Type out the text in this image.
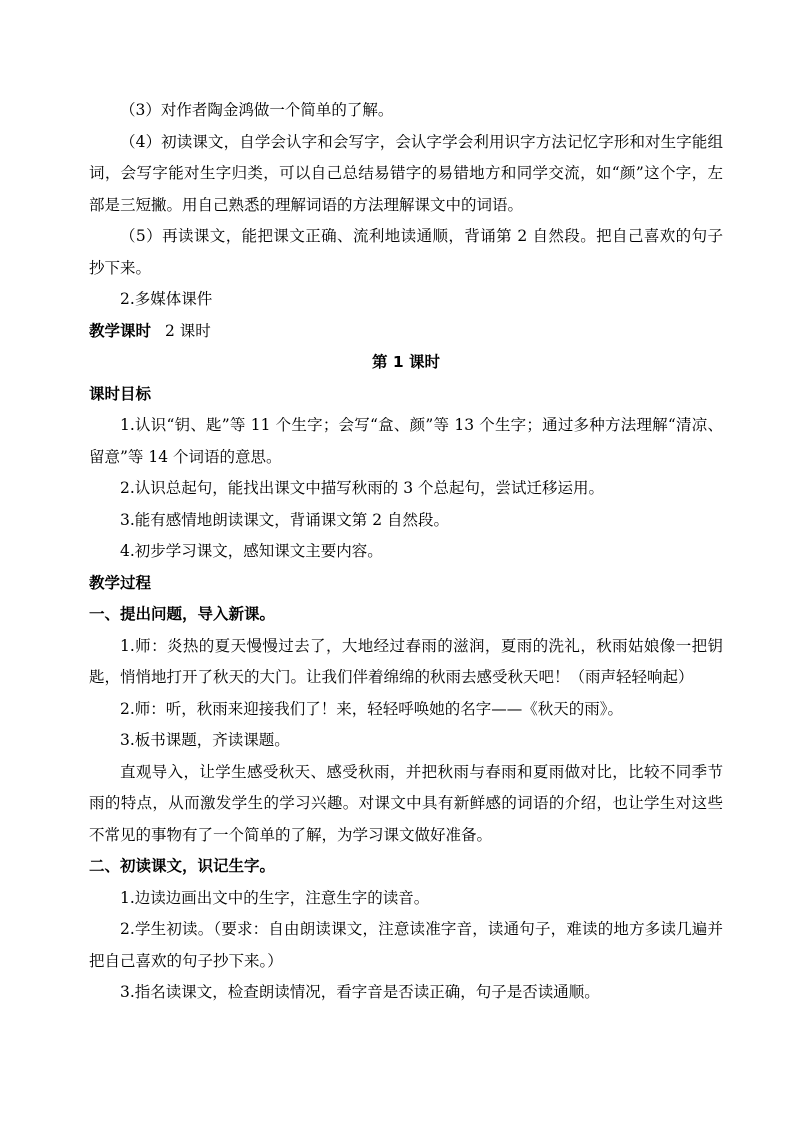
（3）对作者陶金鸿做一个简单的了解。

（4）初读课文，自学会认字和会写字，会认字学会利用识字方法记忆字形和对生字能组词，会写字能对生字归类，可以自己总结易错字的易错地方和同学交流，如“颜”这个字，左部是三短撇。用自己熟悉的理解词语的方法理解课文中的词语。

（5）再读课文，能把课文正确、流利地读通顺，背诵第 2 自然段。把自己喜欢的句子抄下来。

2.多媒体课件

教学课时 2 课时

第 1 课时

课时目标

1.认识“钥、匙”等 11 个生字；会写“盒、颜”等 13 个生字；通过多种方法理解“清凉、留意”等 14 个词语的意思。

2.认识总起句，能找出课文中描写秋雨的 3 个总起句，尝试迁移运用。

3.能有感情地朗读课文，背诵课文第 2 自然段。

4.初步学习课文，感知课文主要内容。

教学过程

一、提出问题，导入新课。

1.师：炎热的夏天慢慢过去了，大地经过春雨的滋润，夏雨的洗礼，秋雨姑娘像一把钥匙，悄悄地打开了秋天的大门。让我们伴着绵绵的秋雨去感受秋天吧！（雨声轻轻响起）

2.师：听，秋雨来迎接我们了！来，轻轻呼唤她的名字——《秋天的雨》。

3.板书课题，齐读课题。

直观导入，让学生感受秋天、感受秋雨，并把秋雨与春雨和夏雨做对比，比较不同季节雨的特点，从而激发学生的学习兴趣。对课文中具有新鲜感的词语的介绍，也让学生对这些不常见的事物有了一个简单的了解，为学习课文做好准备。

二、初读课文，识记生字。

1.边读边画出文中的生字，注意生字的读音。

2.学生初读。（要求：自由朗读课文，注意读准字音，读通句子，难读的地方多读几遍并把自己喜欢的句子抄下来。）

3.指名读课文，检查朗读情况，看字音是否读正确，句子是否读通顺。
